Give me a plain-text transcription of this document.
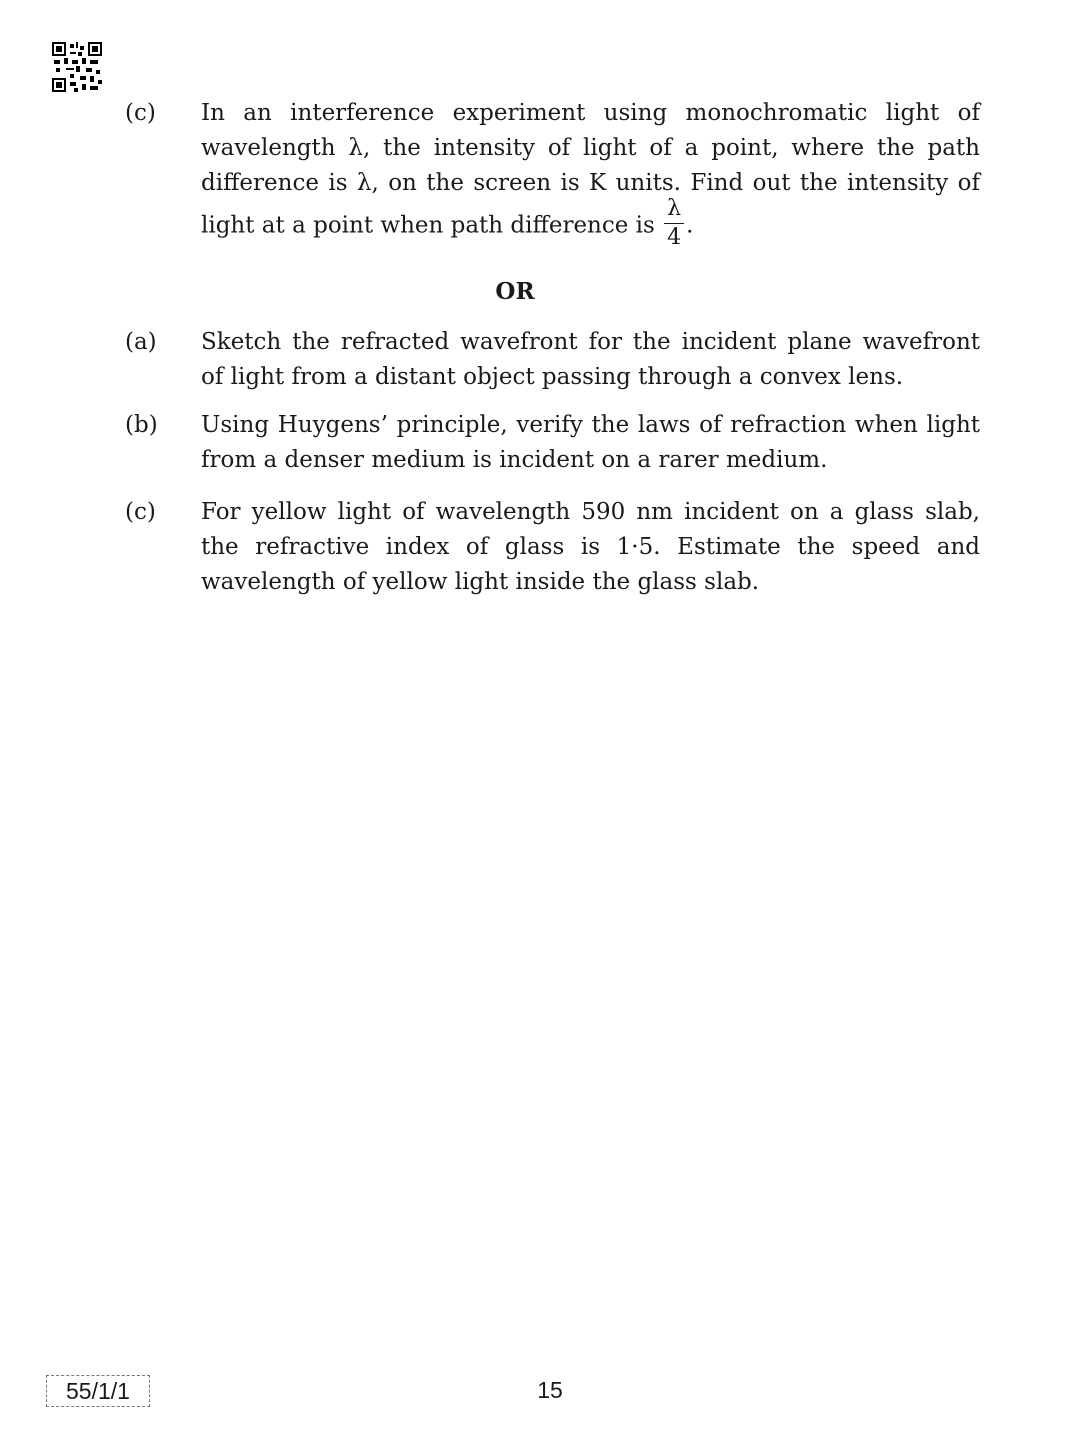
(c)	In an interference experiment using monochromatic light of wavelength λ, the intensity of light of a point, where the path difference is λ, on the screen is K units. Find out the intensity of light at a point when path difference is $\frac{\lambda}{4}$ .
OR
(a)	Sketch the refracted wavefront for the incident plane wavefront of light from a distant object passing through a convex lens.
(b)	Using Huygens’ principle, verify the laws of refraction when light from a denser medium is incident on a rarer medium.
(c)	For yellow light of wavelength 590 nm incident on a glass slab, the refractive index of glass is 1·5. Estimate the speed and wavelength of yellow light inside the glass slab.
55/1/1	15
